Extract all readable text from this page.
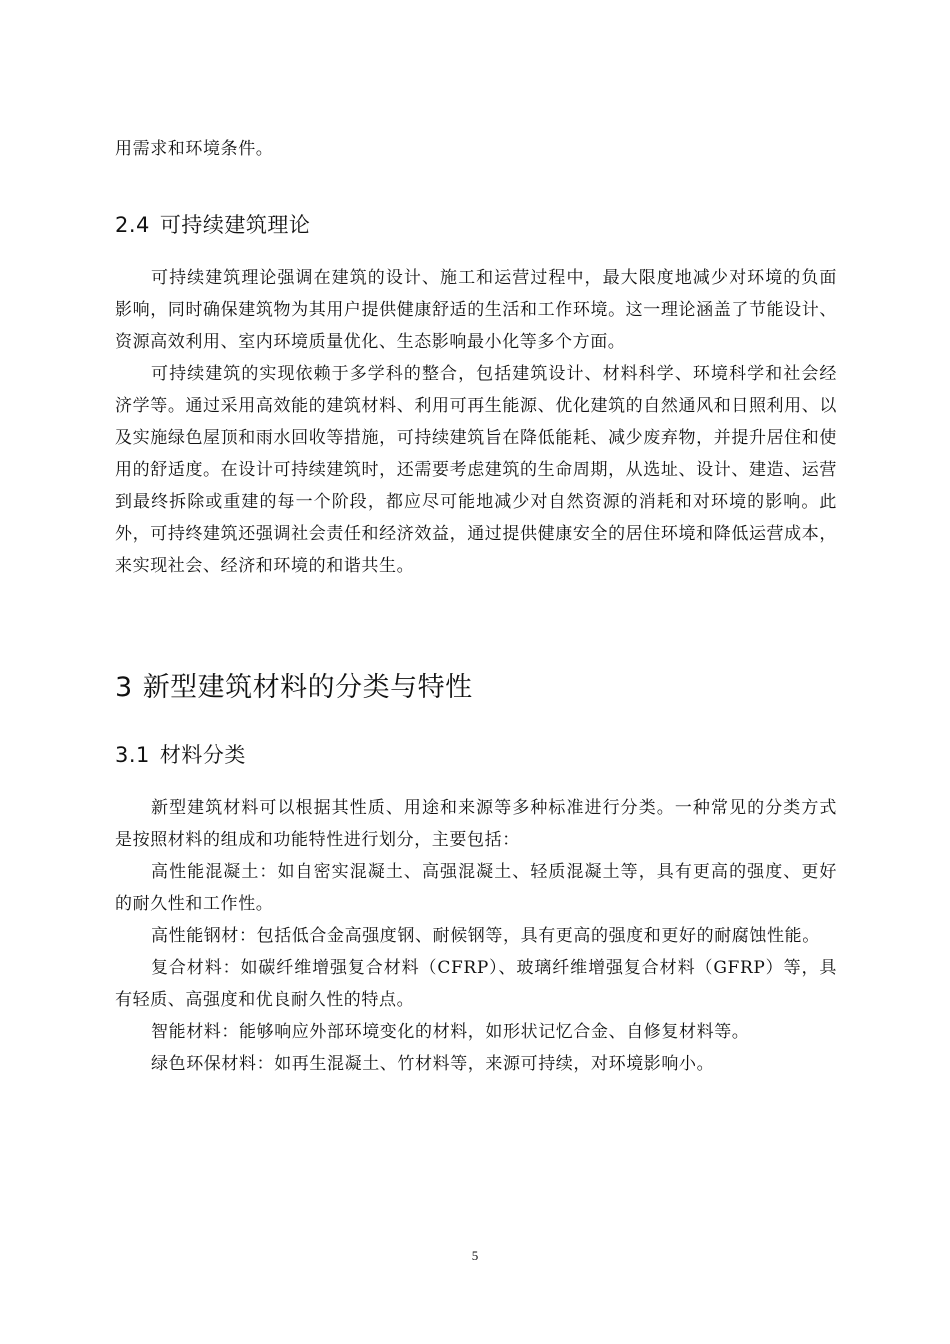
用需求和环境条件。

2.4 可持续建筑理论

可持续建筑理论强调在建筑的设计、施工和运营过程中，最大限度地减少对环境的负面影响，同时确保建筑物为其用户提供健康舒适的生活和工作环境。这一理论涵盖了节能设计、资源高效利用、室内环境质量优化、生态影响最小化等多个方面。

可持续建筑的实现依赖于多学科的整合，包括建筑设计、材料科学、环境科学和社会经济学等。通过采用高效能的建筑材料、利用可再生能源、优化建筑的自然通风和日照利用、以及实施绿色屋顶和雨水回收等措施，可持续建筑旨在降低能耗、减少废弃物，并提升居住和使用的舒适度。在设计可持续建筑时，还需要考虑建筑的生命周期，从选址、设计、建造、运营到最终拆除或重建的每一个阶段，都应尽可能地减少对自然资源的消耗和对环境的影响。此外，可持终建筑还强调社会责任和经济效益，通过提供健康安全的居住环境和降低运营成本，来实现社会、经济和环境的和谐共生。

3 新型建筑材料的分类与特性
3.1 材料分类

新型建筑材料可以根据其性质、用途和来源等多种标准进行分类。一种常见的分类方式是按照材料的组成和功能特性进行划分，主要包括：

高性能混凝土：如自密实混凝土、高强混凝土、轻质混凝土等，具有更高的强度、更好的耐久性和工作性。

高性能钢材：包括低合金高强度钢、耐候钢等，具有更高的强度和更好的耐腐蚀性能。

复合材料：如碳纤维增强复合材料（CFRP）、玻璃纤维增强复合材料（GFRP）等，具有轻质、高强度和优良耐久性的特点。

智能材料：能够响应外部环境变化的材料，如形状记忆合金、自修复材料等。

绿色环保材料：如再生混凝土、竹材料等，来源可持续，对环境影响小。

5
